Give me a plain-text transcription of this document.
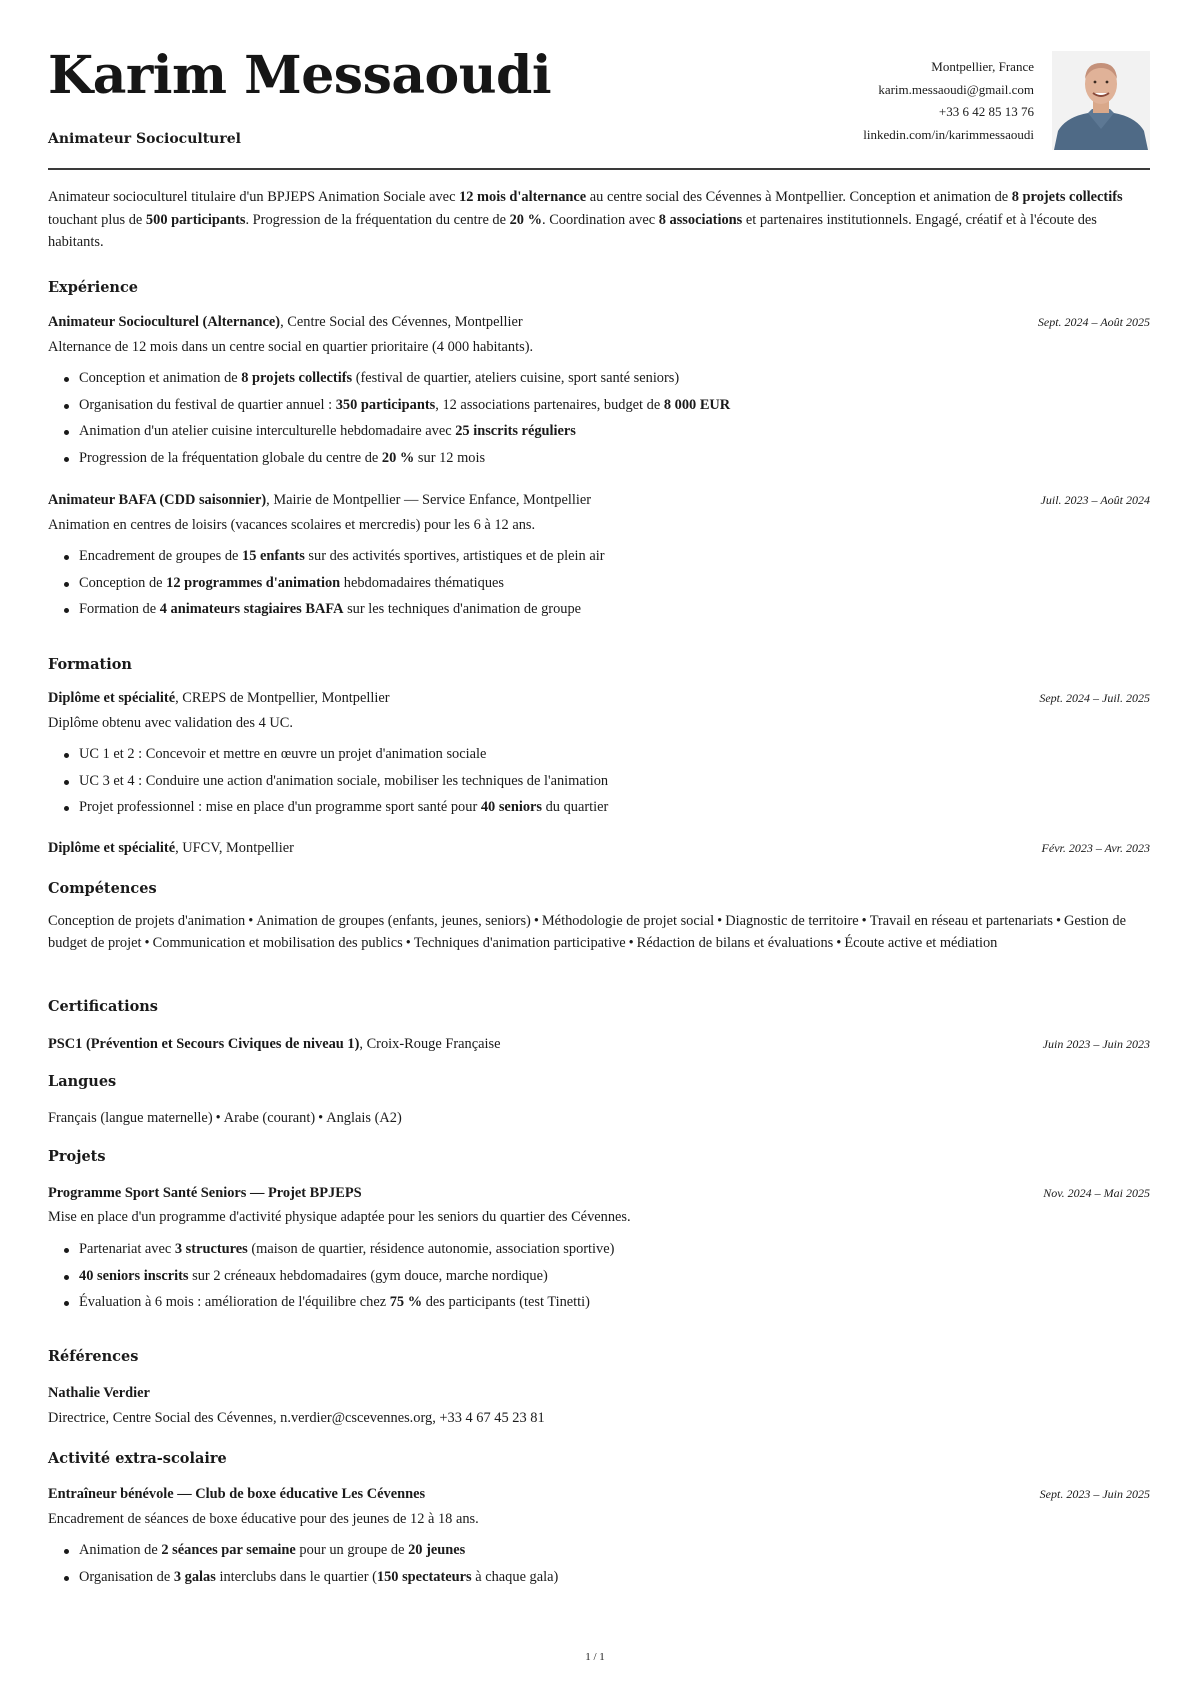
Karim Messaoudi
Animateur Socioculturel
Montpellier, France
karim.messaoudi@gmail.com
+33 6 42 85 13 76
linkedin.com/in/karimmessaoudi

Animateur socioculturel titulaire d'un BPJEPS Animation Sociale avec 12 mois d'alternance au centre social des Cévennes à Montpellier. Conception et animation de 8 projets collectifs touchant plus de 500 participants. Progression de la fréquentation du centre de 20 %. Coordination avec 8 associations et partenaires institutionnels. Engagé, créatif et à l'écoute des habitants.

Expérience
Animateur Socioculturel (Alternance), Centre Social des Cévennes, Montpellier	Sept. 2024 – Août 2025
Alternance de 12 mois dans un centre social en quartier prioritaire (4 000 habitants).
Conception et animation de 8 projets collectifs (festival de quartier, ateliers cuisine, sport santé seniors)
Organisation du festival de quartier annuel : 350 participants, 12 associations partenaires, budget de 8 000 EUR
Animation d'un atelier cuisine interculturelle hebdomadaire avec 25 inscrits réguliers
Progression de la fréquentation globale du centre de 20 % sur 12 mois
Animateur BAFA (CDD saisonnier), Mairie de Montpellier — Service Enfance, Montpellier	Juil. 2023 – Août 2024
Animation en centres de loisirs (vacances scolaires et mercredis) pour les 6 à 12 ans.
Encadrement de groupes de 15 enfants sur des activités sportives, artistiques et de plein air
Conception de 12 programmes d'animation hebdomadaires thématiques
Formation de 4 animateurs stagiaires BAFA sur les techniques d'animation de groupe
Formation
Diplôme et spécialité, CREPS de Montpellier, Montpellier	Sept. 2024 – Juil. 2025
Diplôme obtenu avec validation des 4 UC.
UC 1 et 2 : Concevoir et mettre en œuvre un projet d'animation sociale
UC 3 et 4 : Conduire une action d'animation sociale, mobiliser les techniques de l'animation
Projet professionnel : mise en place d'un programme sport santé pour 40 seniors du quartier
Diplôme et spécialité, UFCV, Montpellier	Févr. 2023 – Avr. 2023
Compétences
Conception de projets d'animation • Animation de groupes (enfants, jeunes, seniors) • Méthodologie de projet social • Diagnostic de territoire • Travail en réseau et partenariats • Gestion de budget de projet • Communication et mobilisation des publics • Techniques d'animation participative • Rédaction de bilans et évaluations • Écoute active et médiation
Certifications
PSC1 (Prévention et Secours Civiques de niveau 1), Croix-Rouge Française	Juin 2023 – Juin 2023
Langues
Français (langue maternelle) • Arabe (courant) • Anglais (A2)
Projets
Programme Sport Santé Seniors — Projet BPJEPS	Nov. 2024 – Mai 2025
Mise en place d'un programme d'activité physique adaptée pour les seniors du quartier des Cévennes.
Partenariat avec 3 structures (maison de quartier, résidence autonomie, association sportive)
40 seniors inscrits sur 2 créneaux hebdomadaires (gym douce, marche nordique)
Évaluation à 6 mois : amélioration de l'équilibre chez 75 % des participants (test Tinetti)
Références
Nathalie Verdier
Directrice, Centre Social des Cévennes, n.verdier@cscevennes.org, +33 4 67 45 23 81
Activité extra-scolaire
Entraîneur bénévole — Club de boxe éducative Les Cévennes	Sept. 2023 – Juin 2025
Encadrement de séances de boxe éducative pour des jeunes de 12 à 18 ans.
Animation de 2 séances par semaine pour un groupe de 20 jeunes
Organisation de 3 galas interclubs dans le quartier (150 spectateurs à chaque gala)
1 / 1
